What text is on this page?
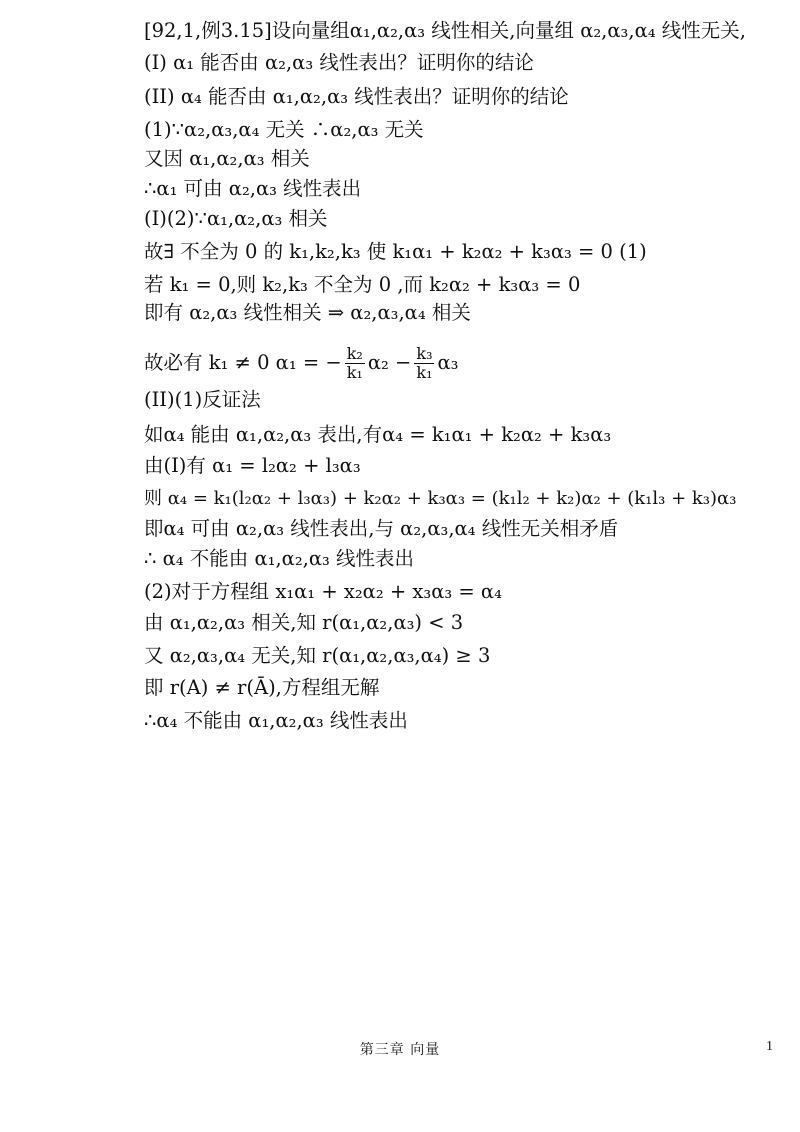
[92,1,例3.15]设向量组α₁,α₂,α₃ 线性相关,向量组 α₂,α₃,α₄ 线性无关,
(I) α₁ 能否由 α₂,α₃ 线性表出？证明你的结论
(II) α₄ 能否由 α₁,α₂,α₃ 线性表出？证明你的结论
(1)∵α₂,α₃,α₄ 无关 ∴α₂,α₃ 无关
又因 α₁,α₂,α₃ 相关
∴α₁ 可由 α₂,α₃ 线性表出
(I)(2)∵α₁,α₂,α₃ 相关
故∃ 不全为 0 的 k₁,k₂,k₃ 使 k₁α₁ + k₂α₂ + k₃α₃ = 0 (1)
若 k₁ = 0,则 k₂,k₃ 不全为 0 ,而 k₂α₂ + k₃α₃ = 0
即有 α₂,α₃ 线性相关 ⇒ α₂,α₃,α₄ 相关
故必有 k₁ ≠ 0 α₁ = − $\frac{\text{k₂}}{\text{k₁}} \alpha_2 - \frac{\text{k₃}}{\text{k₁}} \alpha_3$
(II)(1)反证法
如α₄ 能由 α₁,α₂,α₃ 表出,有α₄ = k₁α₁ + k₂α₂ + k₃α₃
由(I)有 α₁ = l₂α₂ + l₃α₃
则 α₄ = k₁(l₂α₂ + l₃α₃) + k₂α₂ + k₃α₃ = (k₁l₂ + k₂)α₂ + (k₁l₃ + k₃)α₃
即α₄ 可由 α₂,α₃ 线性表出,与 α₂,α₃,α₄ 线性无关相矛盾
∴ α₄ 不能由 α₁,α₂,α₃ 线性表出
(2)对于方程组 x₁α₁ + x₂α₂ + x₃α₃ = α₄
由 α₁,α₂,α₃ 相关,知 r(α₁,α₂,α₃) < 3
又 α₂,α₃,α₄ 无关,知 r(α₁,α₂,α₃,α₄) ≥ 3
即 r(A) ≠ r(Ā),方程组无解
∴α₄ 不能由 α₁,α₂,α₃ 线性表出
第三章 向量	1
